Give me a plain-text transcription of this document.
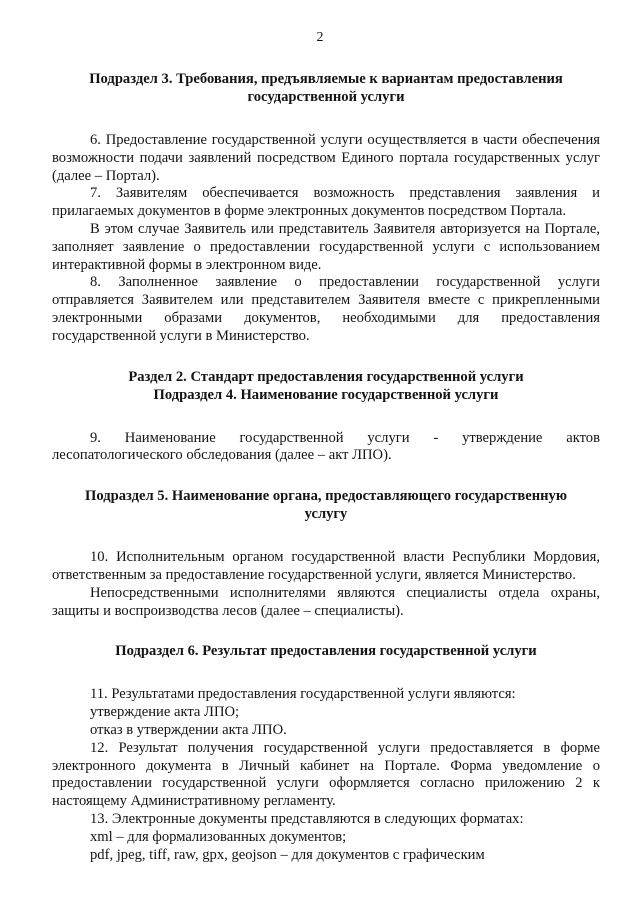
2
Подраздел 3. Требования, предъявляемые к вариантам предоставления
государственной услуги

6. Предоставление государственной услуги осуществляется в части обеспечения возможности подачи заявлений посредством Единого портала государственных услуг (далее – Портал).

7. Заявителям обеспечивается возможность представления заявления и прилагаемых документов в форме электронных документов посредством Портала.

В этом случае Заявитель или представитель Заявителя авторизуется на Портале, заполняет заявление о предоставлении государственной услуги с использованием интерактивной формы в электронном виде.

8. Заполненное заявление о предоставлении государственной услуги отправляется Заявителем или представителем Заявителя вместе с прикрепленными электронными образами документов, необходимыми для предоставления государственной услуги в Министерство.

Раздел 2. Стандарт предоставления государственной услуги
Подраздел 4. Наименование государственной услуги

9. Наименование государственной услуги - утверждение актов лесопатологического обследования (далее – акт ЛПО).

Подраздел 5. Наименование органа, предоставляющего государственную
услугу

10. Исполнительным органом государственной власти Республики Мордовия, ответственным за предоставление государственной услуги, является Министерство.

Непосредственными исполнителями являются специалисты отдела охраны, защиты и воспроизводства лесов (далее – специалисты).

Подраздел 6. Результат предоставления государственной услуги

11. Результатами предоставления государственной услуги являются:

утверждение акта ЛПО;

отказ в утверждении акта ЛПО.

12. Результат получения государственной услуги предоставляется в форме электронного документа в Личный кабинет на Портале. Форма уведомление о предоставлении государственной услуги оформляется согласно приложению 2 к настоящему Административному регламенту.

13. Электронные документы представляются в следующих форматах:

xml – для формализованных документов;

pdf, jpeg, tiff, raw, gpx, geojson – для документов с графическим
